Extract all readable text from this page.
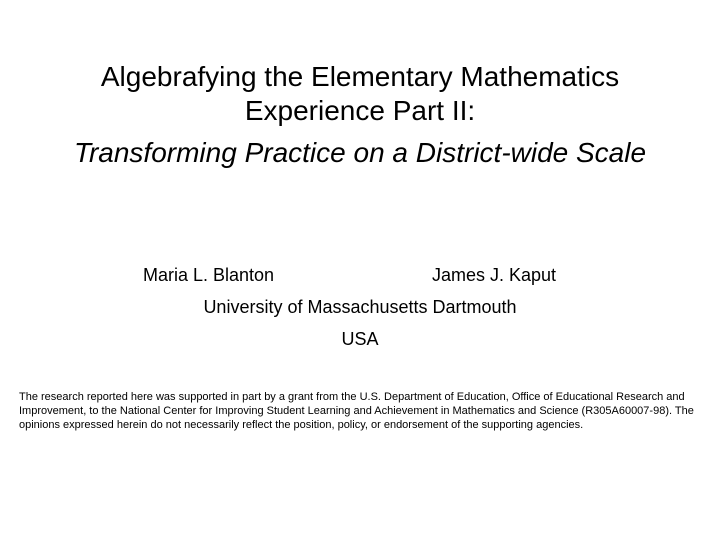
Algebrafying the Elementary Mathematics
Experience Part II:
Transforming Practice on a District-wide Scale
Maria L. Blanton	James J. Kaput
University of Massachusetts Dartmouth
USA
The research reported here was supported in part by a grant from the U.S. Department of Education, Office of Educational Research and Improvement, to the National Center for Improving Student Learning and Achievement in Mathematics and Science (R305A60007-98). The opinions expressed herein do not necessarily reflect the position, policy, or endorsement of the supporting agencies.
